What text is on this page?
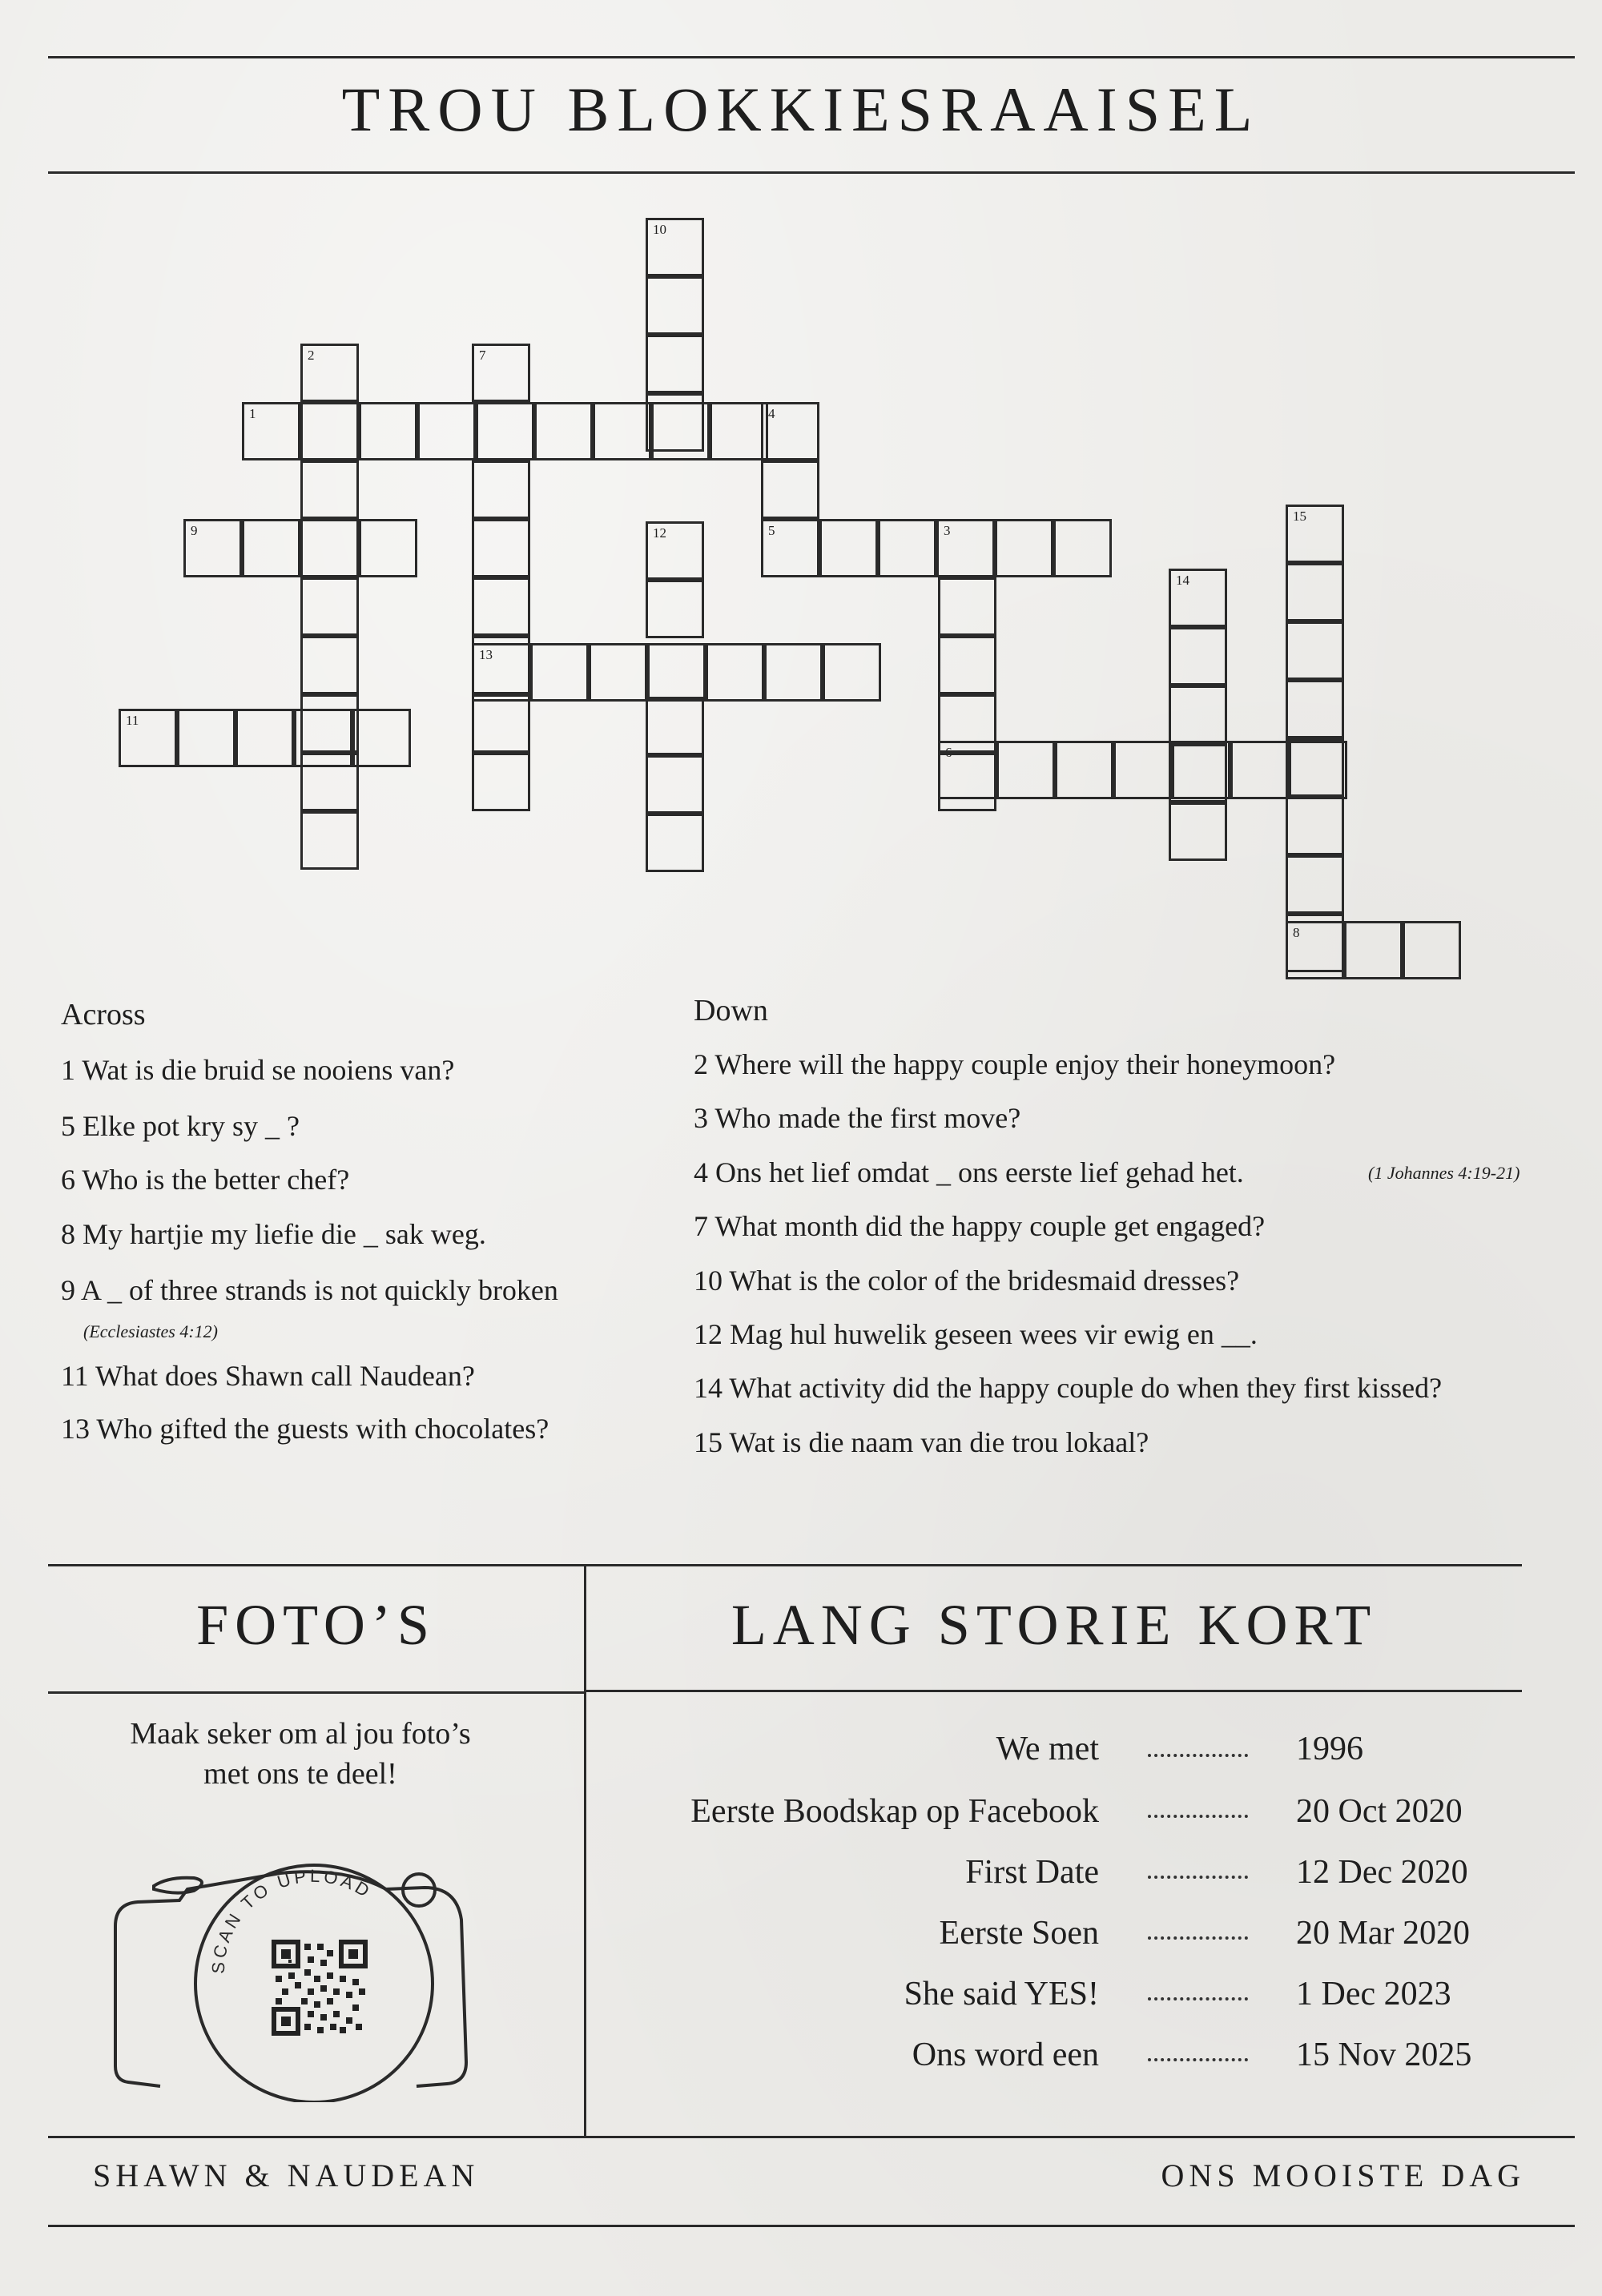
TROU BLOKKIESRAAISEL
1
5	3
6
8
9
11
13
2
4
7
10
12
14
15
Across
1 Wat is die bruid se nooiens van?
5 Elke pot kry sy _ ?
6 Who is the better chef?
8 My hartjie my liefie die _ sak weg.
9 A _ of three strands is not quickly broken
(Ecclesiastes 4:12)
11 What does Shawn call Naudean?
13 Who gifted the guests with chocolates?
Down
2 Where will the happy couple enjoy their honeymoon?
3 Who made the first move?
4 Ons het lief omdat _ ons eerste lief gehad het.	(1 Johannes 4:19-21)
7 What month did the happy couple get engaged?
10 What is the color of the bridesmaid dresses?
12 Mag hul huwelik geseen wees vir ewig en __.
14 What activity did the happy couple do when they first kissed?
15 Wat is die naam van die trou lokaal?
FOTO’S	LANG STORIE KORT
Maak seker om al jou foto’s
met ons te deel!
SCAN TO UPLOAD
We met	1996
Eerste Boodskap op Facebook	20 Oct 2020
First Date	12 Dec 2020
Eerste Soen	20 Mar 2020
She said YES!	1 Dec 2023
Ons word een	15 Nov 2025
SHAWN & NAUDEAN	ONS MOOISTE DAG
